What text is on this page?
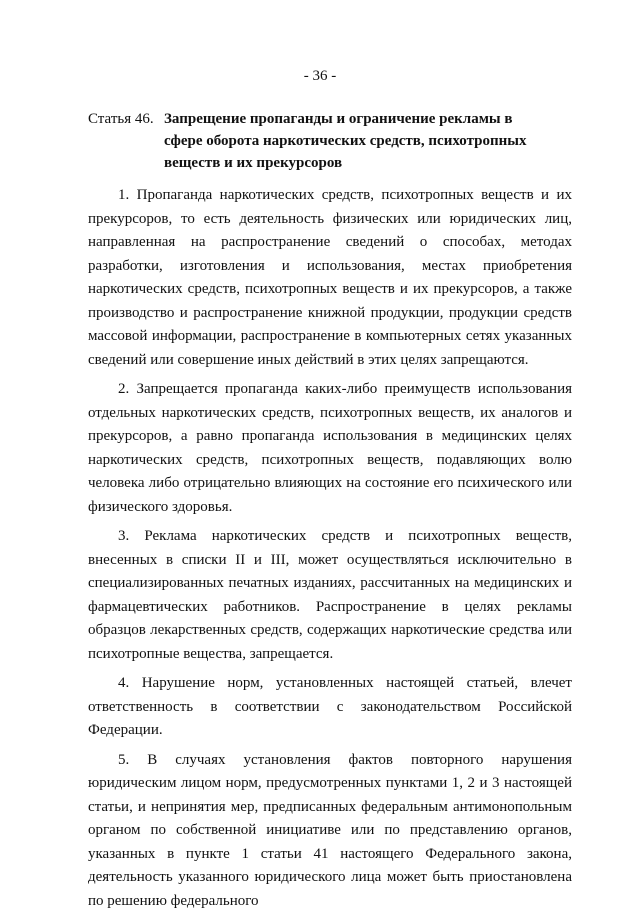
- 36 -
Статья 46. Запрещение пропаганды и ограничение рекламы в сфере оборота наркотических средств, психотропных веществ и их прекурсоров

1. Пропаганда наркотических средств, психотропных веществ и их прекурсоров, то есть деятельность физических или юридических лиц, направленная на распространение сведений о способах, методах разработки, изготовления и использования, местах приобретения наркотических средств, психотропных веществ и их прекурсоров, а также производство и распространение книжной продукции, продукции средств массовой информации, распространение в компьютерных сетях указанных сведений или совершение иных действий в этих целях запрещаются.

2. Запрещается пропаганда каких-либо преимуществ использования отдельных наркотических средств, психотропных веществ, их аналогов и прекурсоров, а равно пропаганда использования в медицинских целях наркотических средств, психотропных веществ, подавляющих волю человека либо отрицательно влияющих на состояние его психического или физического здоровья.

3. Реклама наркотических средств и психотропных веществ, внесенных в списки II и III, может осуществляться исключительно в специализированных печатных изданиях, рассчитанных на медицинских и фармацевтических работников. Распространение в целях рекламы образцов лекарственных средств, содержащих наркотические средства или психотропные вещества, запрещается.

4. Нарушение норм, установленных настоящей статьей, влечет ответственность в соответствии с законодательством Российской Федерации.

5. В случаях установления фактов повторного нарушения юридическим лицом норм, предусмотренных пунктами 1, 2 и 3 настоящей статьи, и непринятия мер, предписанных федеральным антимонопольным органом по собственной инициативе или по представлению органов, указанных в пункте 1 статьи 41 настоящего Федерального закона, деятельность указанного юридического лица может быть приостановлена по решению федерального
